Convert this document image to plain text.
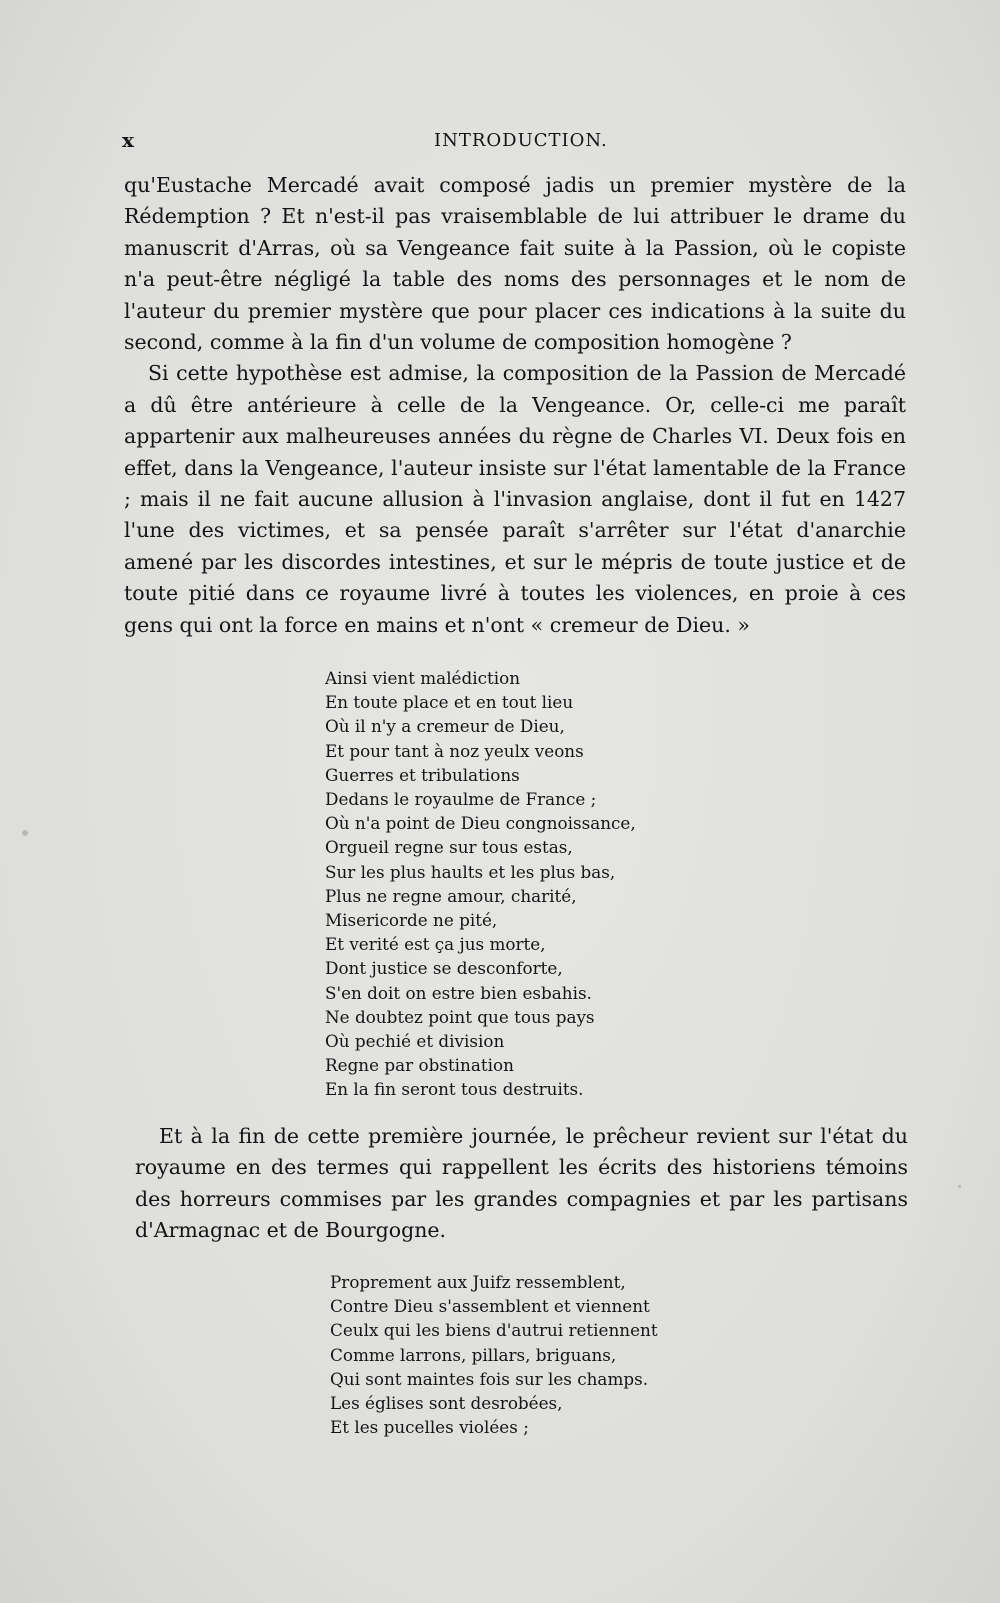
x	INTRODUCTION.

qu'Eustache Mercadé avait composé jadis un premier mystère de la Rédemption ? Et n'est-il pas vraisemblable de lui attribuer le drame du manuscrit d'Arras, où sa Vengeance fait suite à la Passion, où le copiste n'a peut-être négligé la table des noms des personnages et le nom de l'auteur du premier mystère que pour placer ces indications à la suite du second, comme à la fin d'un volume de composition homogène ?

Si cette hypothèse est admise, la composition de la Passion de Mercadé a dû être antérieure à celle de la Vengeance. Or, celle-ci me paraît appartenir aux malheureuses années du règne de Charles VI. Deux fois en effet, dans la Vengeance, l'auteur insiste sur l'état lamentable de la France ; mais il ne fait aucune allusion à l'invasion anglaise, dont il fut en 1427 l'une des victimes, et sa pensée paraît s'arrêter sur l'état d'anarchie amené par les discordes intestines, et sur le mépris de toute justice et de toute pitié dans ce royaume livré à toutes les violences, en proie à ces gens qui ont la force en mains et n'ont « cremeur de Dieu. »

Ainsi vient malédiction
En toute place et en tout lieu
Où il n'y a cremeur de Dieu,
Et pour tant à noz yeulx veons
Guerres et tribulations
Dedans le royaulme de France ;
Où n'a point de Dieu congnoissance,
Orgueil regne sur tous estas,
Sur les plus haults et les plus bas,
Plus ne regne amour, charité,
Misericorde ne pité,
Et verité est ça jus morte,
Dont justice se desconforte,
S'en doit on estre bien esbahis.
Ne doubtez point que tous pays
Où pechié et division
Regne par obstination
En la fin seront tous destruits.

Et à la fin de cette première journée, le prêcheur revient sur l'état du royaume en des termes qui rappellent les écrits des historiens témoins des horreurs commises par les grandes compagnies et par les partisans d'Armagnac et de Bourgogne.

Proprement aux Juifz ressemblent,
Contre Dieu s'assemblent et viennent
Ceulx qui les biens d'autrui retiennent
Comme larrons, pillars, briguans,
Qui sont maintes fois sur les champs.
Les églises sont desrobées,
Et les pucelles violées ;
